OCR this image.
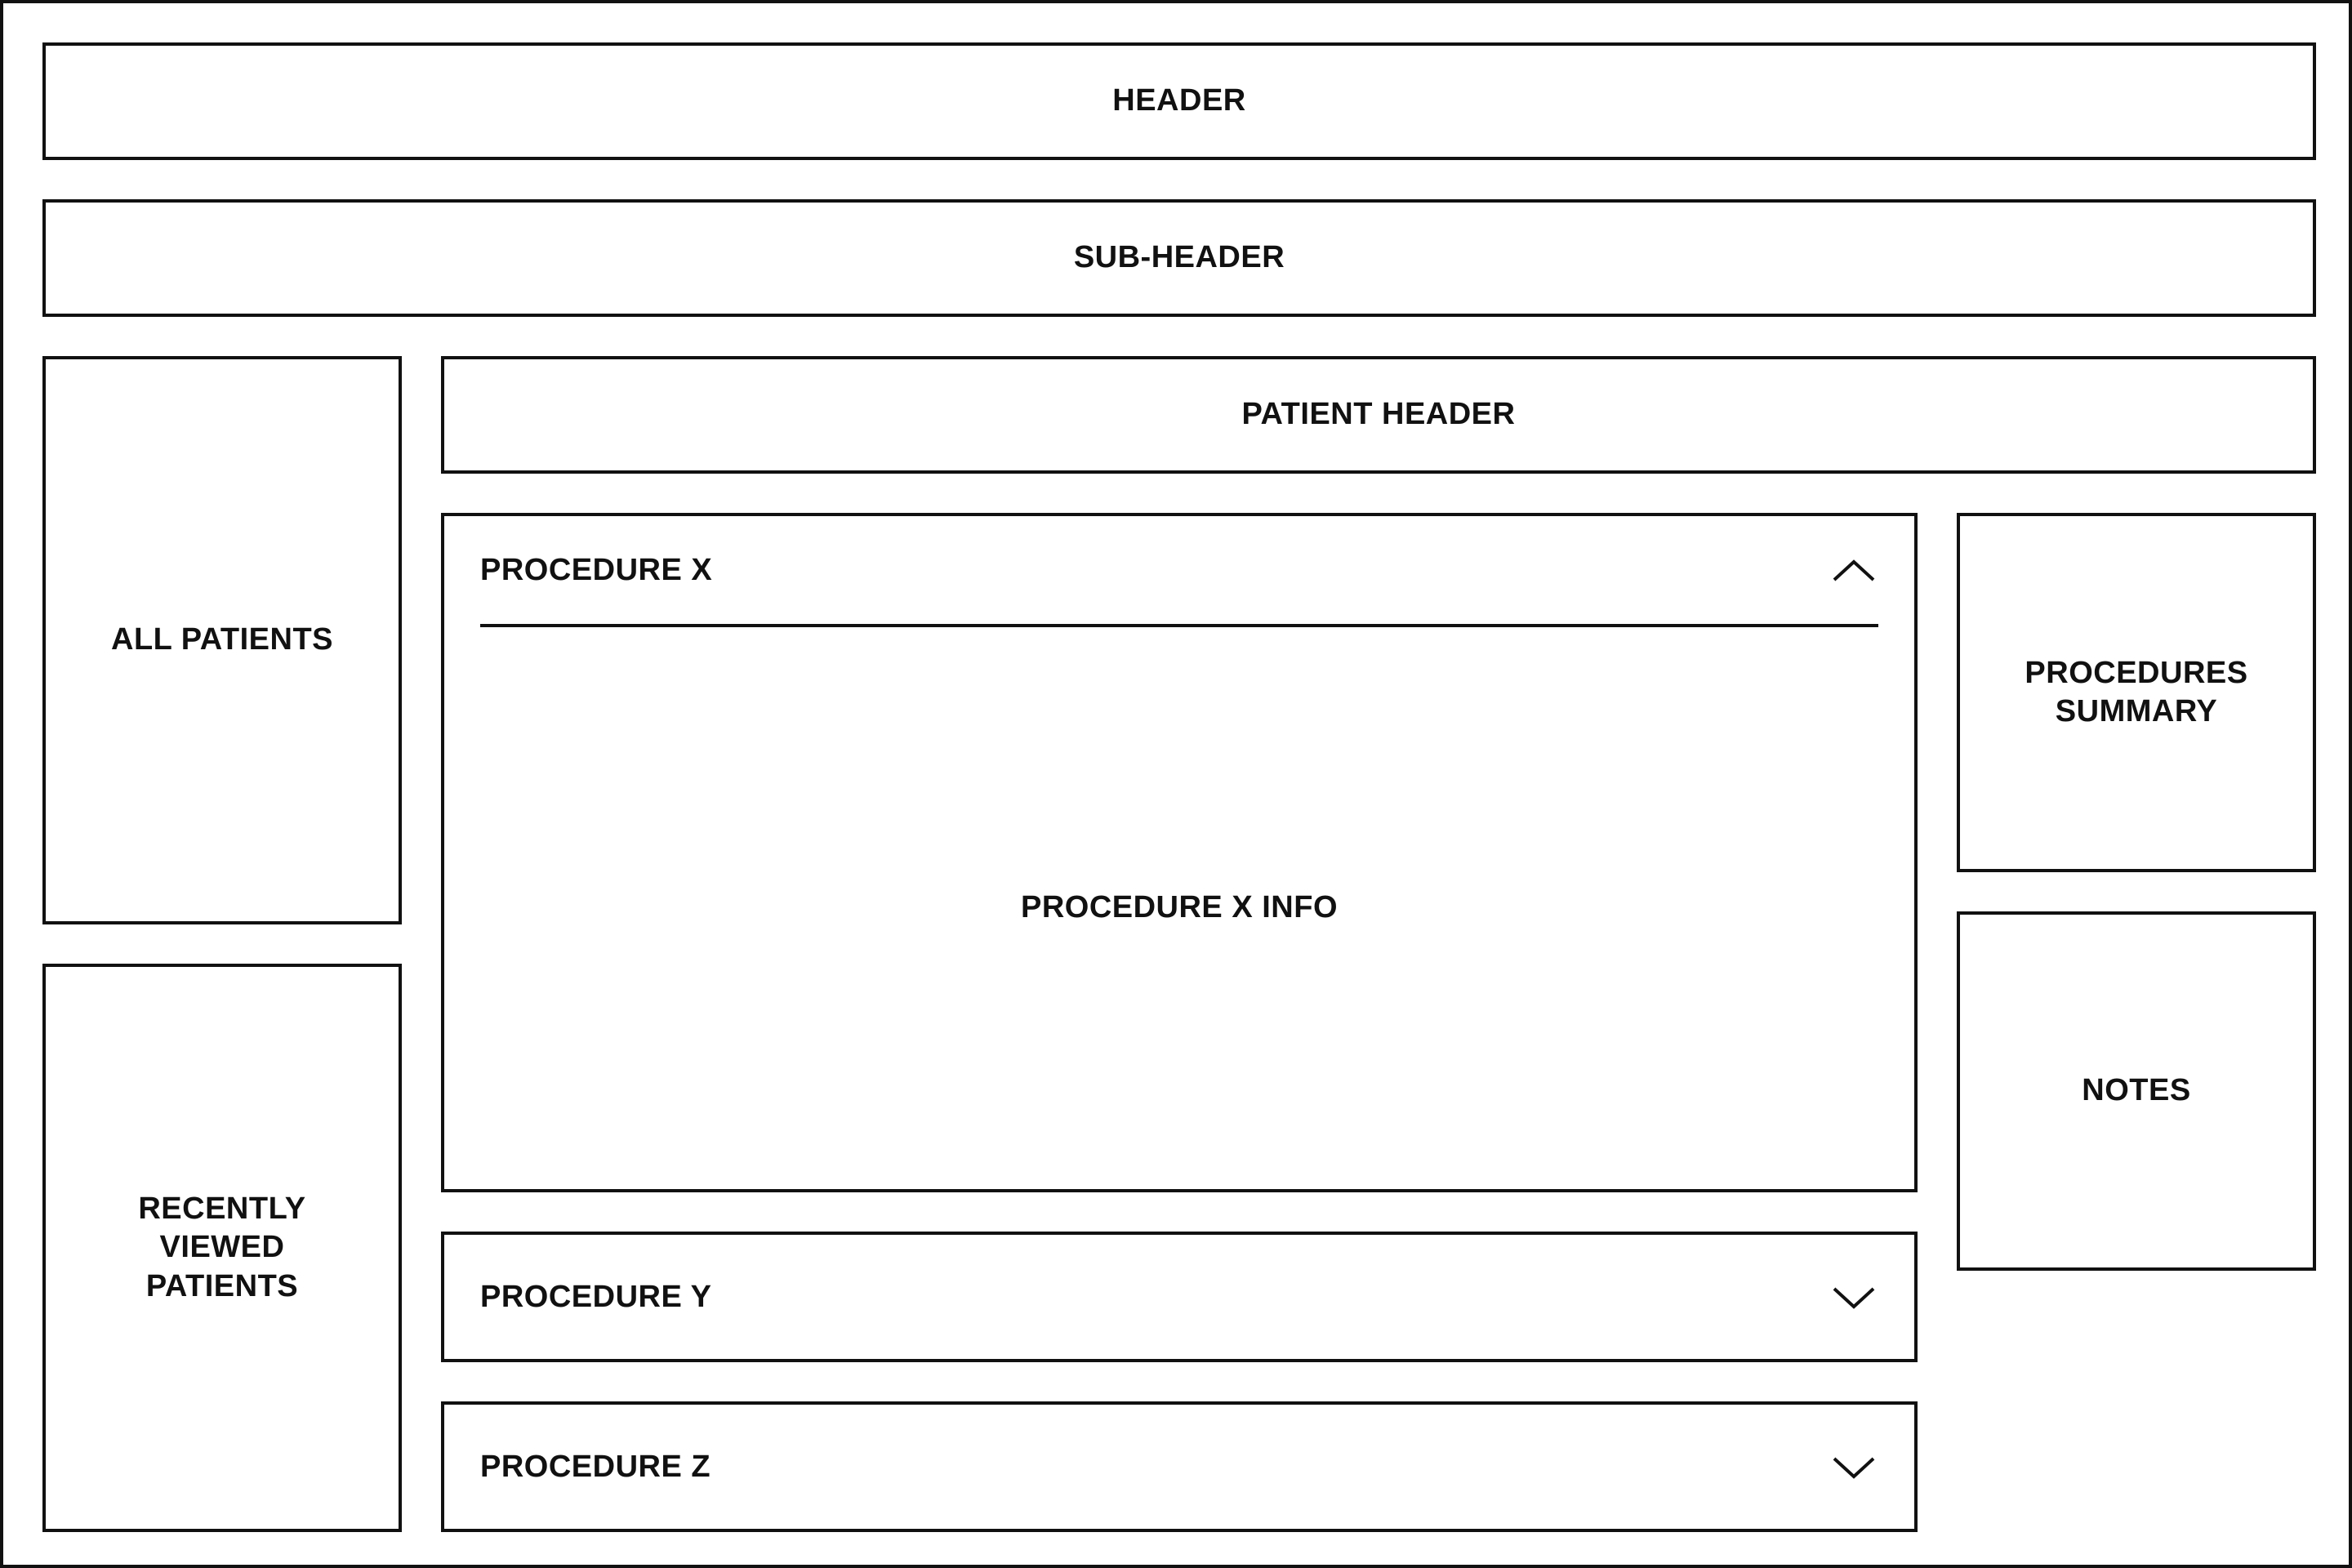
HEADER
SUB-HEADER
ALL PATIENTS
RECENTLY
VIEWED
PATIENTS
PATIENT HEADER
PROCEDURE X
PROCEDURE X INFO
PROCEDURE Y
PROCEDURE Z
PROCEDURES
SUMMARY
NOTES
